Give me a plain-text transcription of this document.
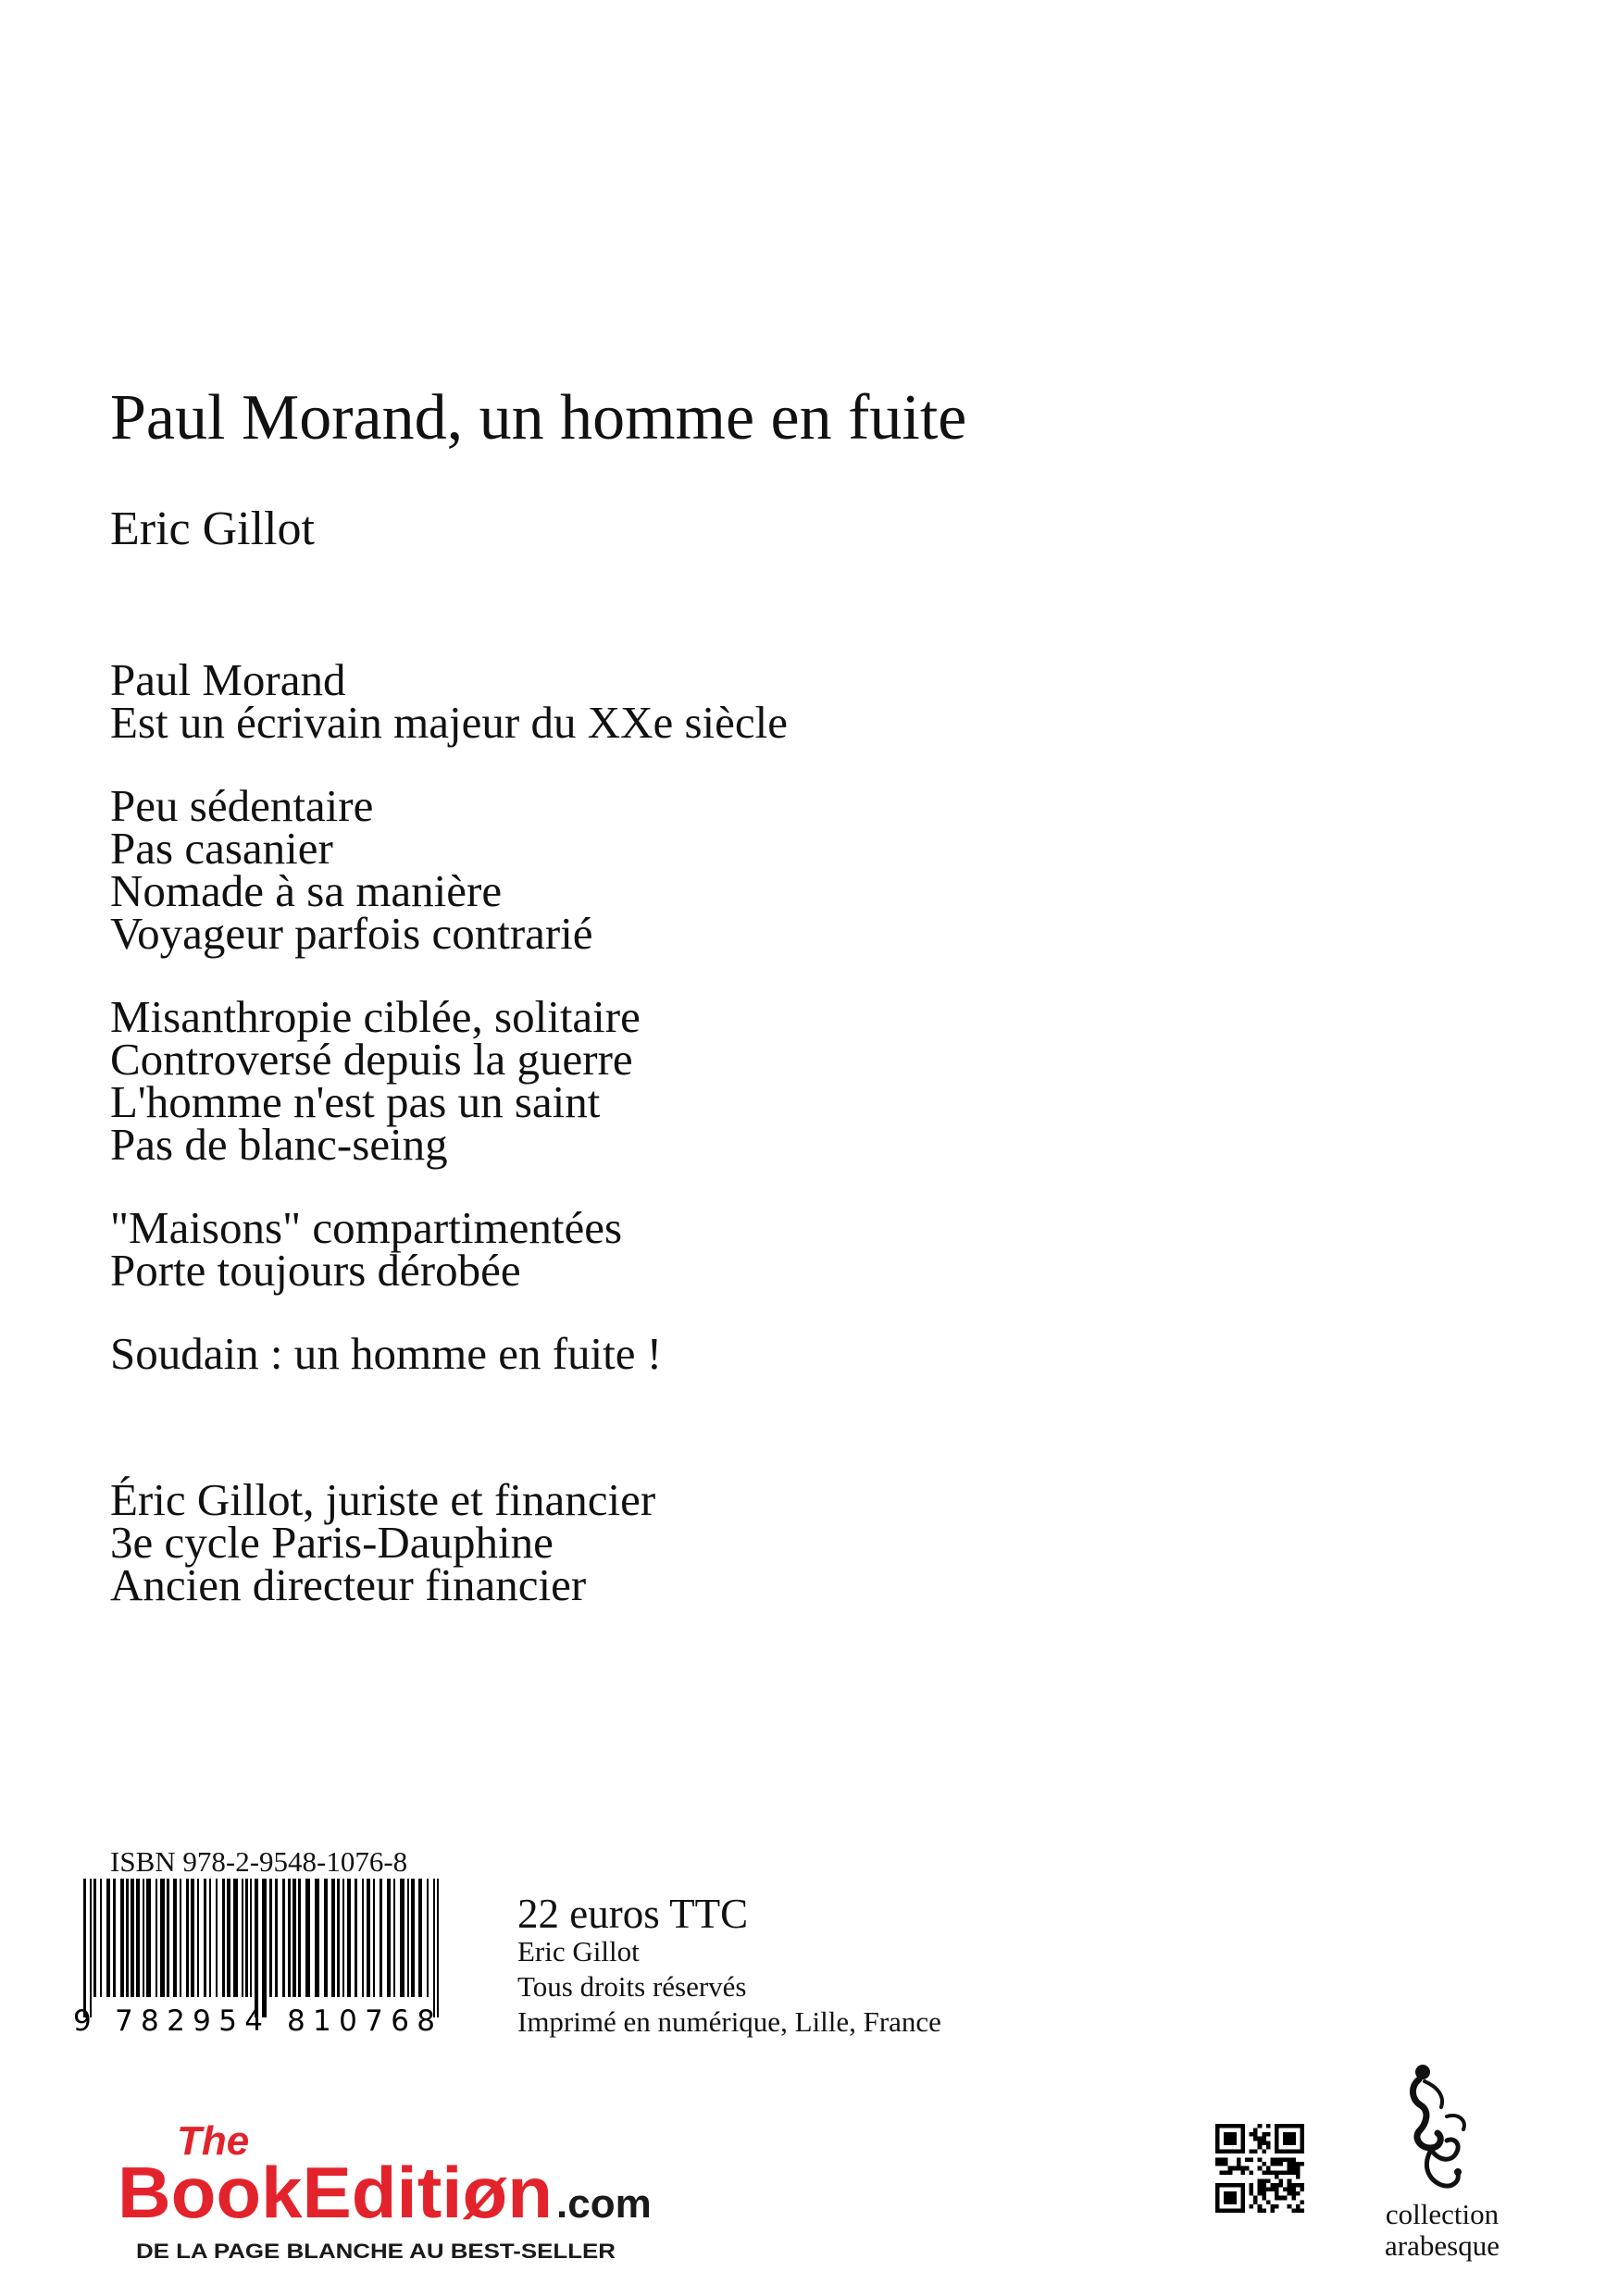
Paul Morand, un homme en fuite
Eric Gillot
Paul Morand
Est un écrivain majeur du XXe siècle
Peu sédentaire
Pas casanier
Nomade à sa manière
Voyageur parfois contrarié
Misanthropie ciblée, solitaire
Controversé depuis la guerre
L'homme n'est pas un saint
Pas de blanc-seing
"Maisons" compartimentées
Porte toujours dérobée
Soudain : un homme en fuite !
Éric Gillot, juriste et financier
3e cycle Paris-Dauphine
Ancien directeur financier
ISBN 978-2-9548-1076-8
9 782954 810768
22 euros TTC
Eric Gillot
Tous droits réservés
Imprimé en numérique, Lille, France
The
BookEditi øn .com
DE LA PAGE BLANCHE AU BEST-SELLER
collection
arabesque
